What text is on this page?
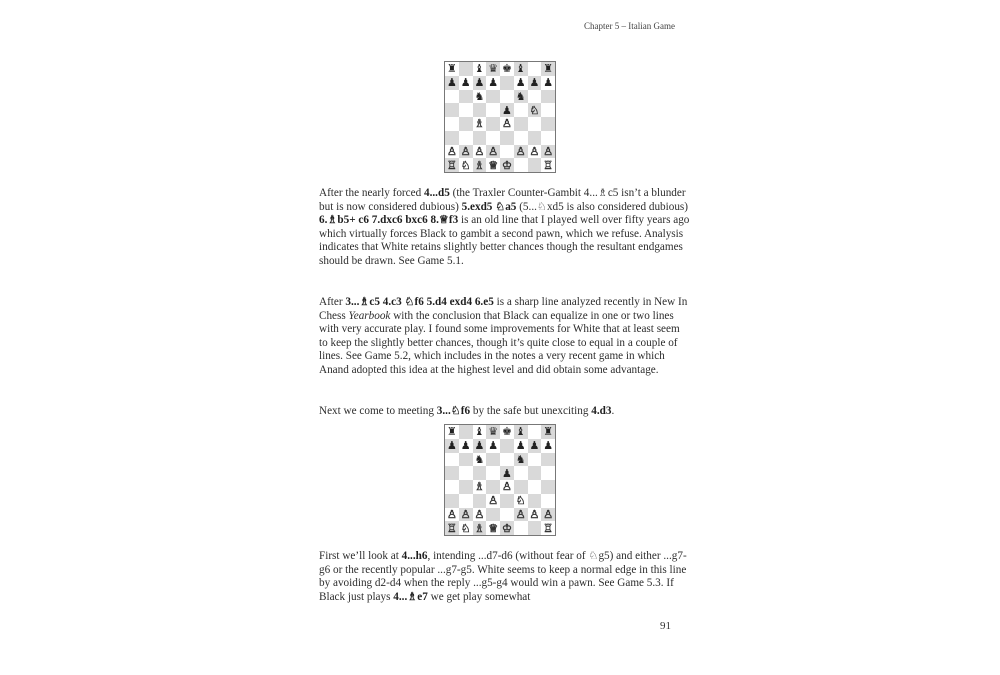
Chapter 5 – Italian Game
♜ ♝ ♛ ♚ ♝ ♜
♟ ♟ ♟ ♟ ♟ ♟ ♟
♞	♞
♟ ♘
♗ ♙
♙ ♙ ♙ ♙ ♙ ♙ ♙
♖ ♘ ♗ ♕ ♔	♖
After the nearly forced 4...d5 (the Traxler Counter-Gambit 4...♗c5 isn’t a blunder but is now considered dubious) 5.exd5 ♘a5 (5...♘xd5 is also considered dubious) 6.♗b5+ c6 7.dxc6 bxc6 8.♕f3 is an old line that I played well over fifty years ago which virtually forces Black to gambit a second pawn, which we refuse. Analysis indicates that White retains slightly better chances though the resultant endgames should be drawn. See Game 5.1.
After 3...♗c5 4.c3 ♘f6 5.d4 exd4 6.e5 is a sharp line analyzed recently in New In Chess Yearbook with the conclusion that Black can equalize in one or two lines with very accurate play. I found some improvements for White that at least seem to keep the slightly better chances, though it’s quite close to equal in a couple of lines. See Game 5.2, which includes in the notes a very recent game in which Anand adopted this idea at the highest level and did obtain some advantage.
Next we come to meeting 3...♘f6 by the safe but unexciting 4.d3.
♜ ♝ ♛ ♚ ♝ ♜
♟ ♟ ♟ ♟ ♟ ♟ ♟
♞	♞
♟
♗ ♙
♙ ♘
♙ ♙ ♙	♙ ♙ ♙
♖ ♘ ♗ ♕ ♔	♖
First we’ll look at 4...h6, intending ...d7-d6 (without fear of ♘g5) and either ...g7-g6 or the recently popular ...g7-g5. White seems to keep a normal edge in this line by avoiding d2-d4 when the reply ...g5-g4 would win a pawn. See Game 5.3. If Black just plays 4...♗e7 we get play somewhat
91
